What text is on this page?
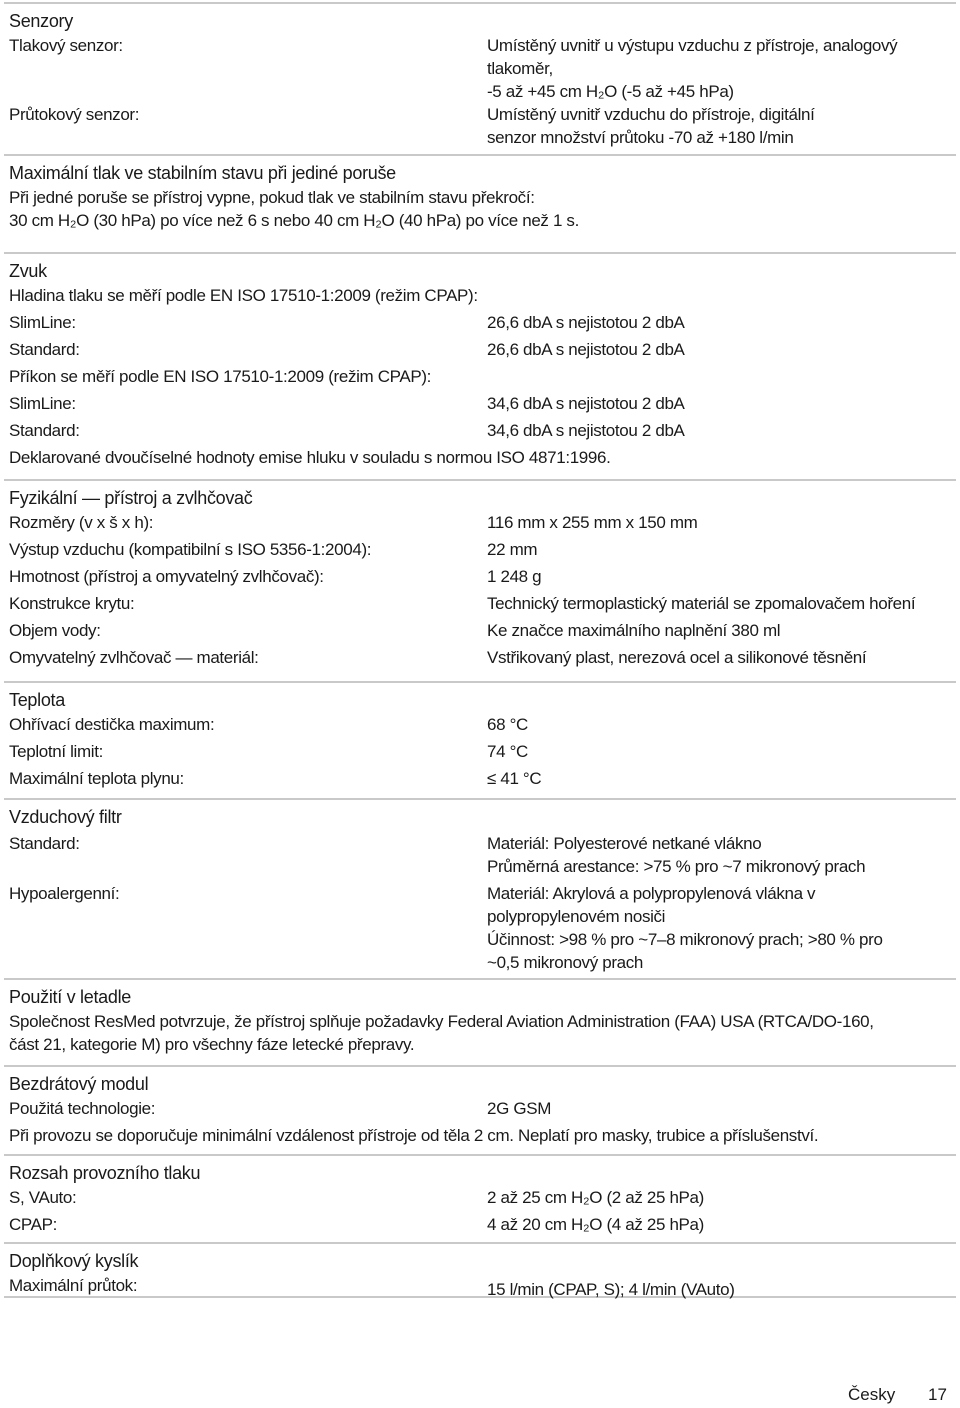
Senzory
Tlakový senzor:	Umístěný uvnitř u výstupu vzduchu z přístroje, analogový
tlakoměr,
-5 až +45 cm H₂O (-5 až +45 hPa)
Průtokový senzor:	Umístěný uvnitř vzduchu do přístroje, digitální
senzor množství průtoku -70 až +180 l/min
Maximální tlak ve stabilním stavu při jediné poruše
Při jedné poruše se přístroj vypne, pokud tlak ve stabilním stavu překročí:
30 cm H₂O (30 hPa) po více než 6 s nebo 40 cm H₂O (40 hPa) po více než 1 s.
Zvuk
Hladina tlaku se měří podle EN ISO 17510-1:2009 (režim CPAP):
SlimLine:	26,6 dbA s nejistotou 2 dbA
Standard:	26,6 dbA s nejistotou 2 dbA
Příkon se měří podle EN ISO 17510-1:2009 (režim CPAP):
SlimLine:	34,6 dbA s nejistotou 2 dbA
Standard:	34,6 dbA s nejistotou 2 dbA
Deklarované dvoučíselné hodnoty emise hluku v souladu s normou ISO 4871:1996.
Fyzikální — přístroj a zvlhčovač
Rozměry (v x š x h):	116 mm x 255 mm x 150 mm
Výstup vzduchu (kompatibilní s ISO 5356-1:2004):	22 mm
Hmotnost (přístroj a omyvatelný zvlhčovač):	1 248 g
Konstrukce krytu:	Technický termoplastický materiál se zpomalovačem hoření
Objem vody:	Ke značce maximálního naplnění 380 ml
Omyvatelný zvlhčovač — materiál:	Vstřikovaný plast, nerezová ocel a silikonové těsnění
Teplota
Ohřívací destička maximum:	68 °C
Teplotní limit:	74 °C
Maximální teplota plynu:	≤ 41 °C
Vzduchový filtr
Standard:	Materiál: Polyesterové netkané vlákno
Průměrná arestance: >75 % pro ~7 mikronový prach
Hypoalergenní:	Materiál: Akrylová a polypropylenová vlákna v
polypropylenovém nosiči
Účinnost: >98 % pro ~7–8 mikronový prach; >80 % pro
~0,5 mikronový prach
Použití v letadle
Společnost ResMed potvrzuje, že přístroj splňuje požadavky Federal Aviation Administration (FAA) USA (RTCA/DO-160,
část 21, kategorie M) pro všechny fáze letecké přepravy.
Bezdrátový modul
Použitá technologie:	2G GSM
Při provozu se doporučuje minimální vzdálenost přístroje od těla 2 cm. Neplatí pro masky, trubice a příslušenství.
Rozsah provozního tlaku
S, VAuto:	2 až 25 cm H₂O (2 až 25 hPa)
CPAP:	4 až 20 cm H₂O (4 až 25 hPa)
Doplňkový kyslík
Maximální průtok:	15 l/min (CPAP, S); 4 l/min (VAuto)
Česky 17
